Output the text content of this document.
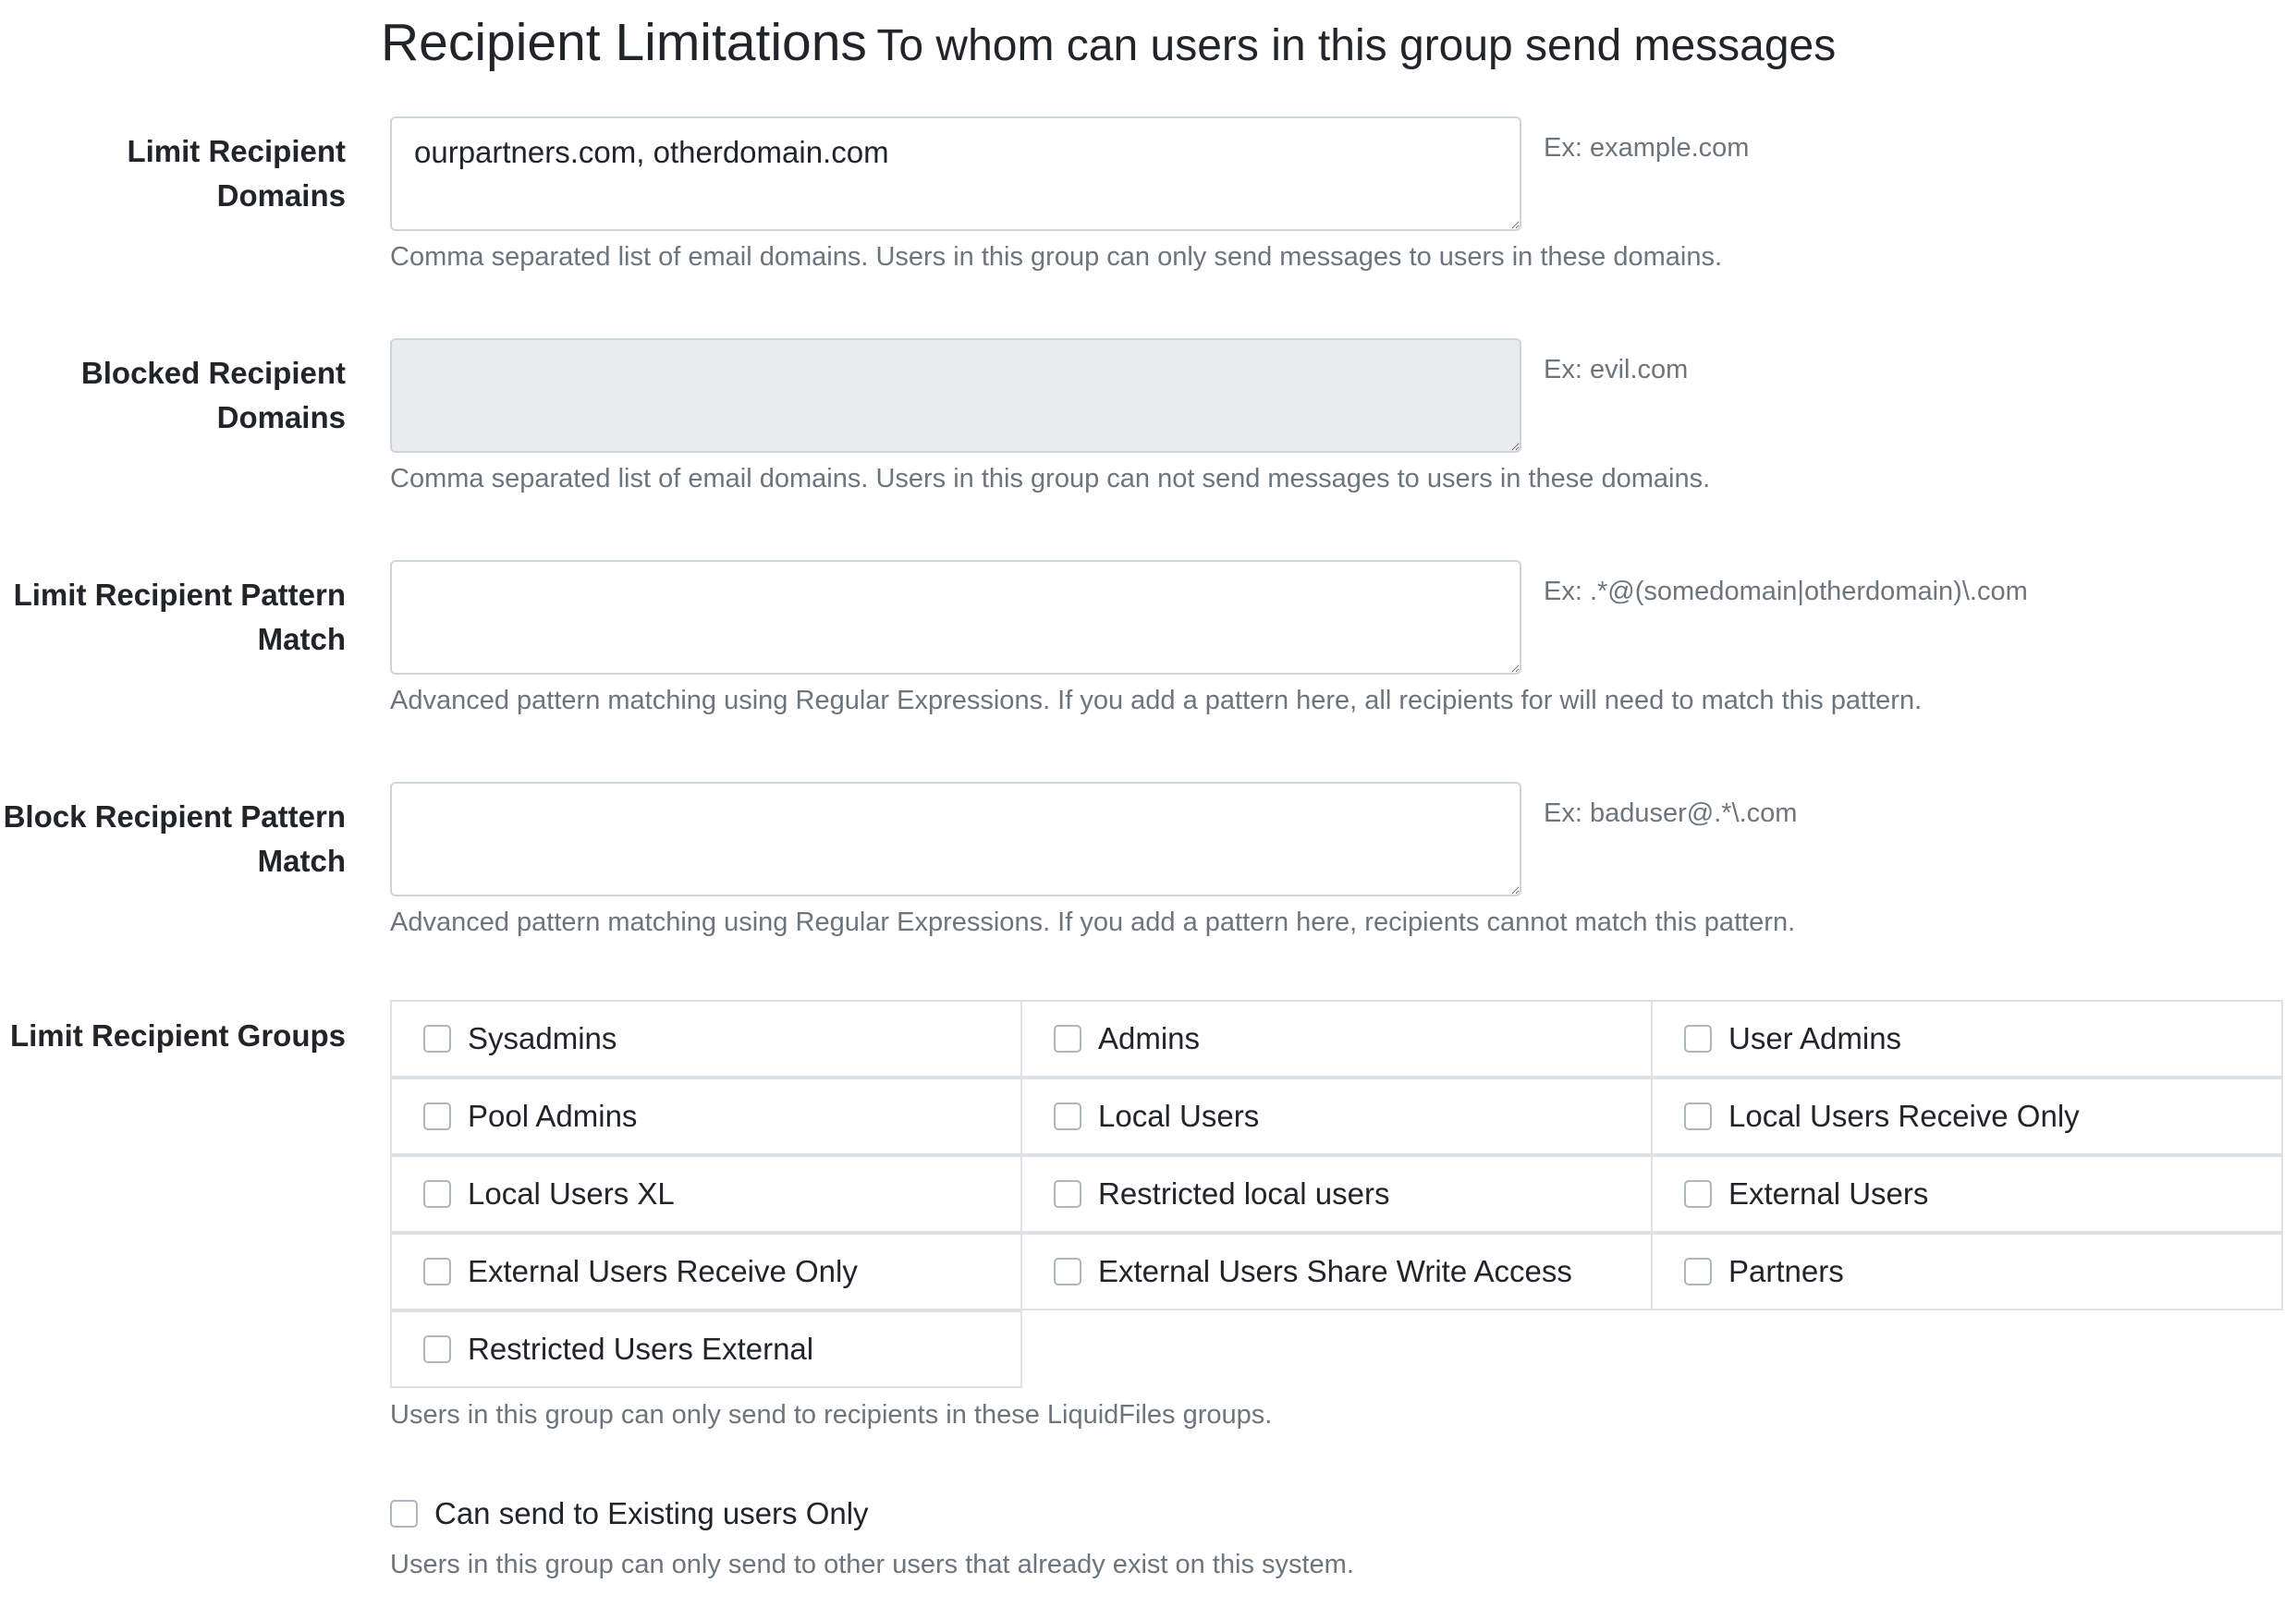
Recipient Limitations To whom can users in this group send messages
Limit Recipient
Domains
ourpartners.com, otherdomain.com
Ex: example.com
Comma separated list of email domains. Users in this group can only send messages to users in these domains.
Blocked Recipient
Domains
Ex: evil.com
Comma separated list of email domains. Users in this group can not send messages to users in these domains.
Limit Recipient Pattern
Match
Ex: .*@(somedomain|otherdomain)\.com
Advanced pattern matching using Regular Expressions. If you add a pattern here, all recipients for will need to match this pattern.
Block Recipient Pattern
Match
Ex: baduser@.*\.com
Advanced pattern matching using Regular Expressions. If you add a pattern here, recipients cannot match this pattern.
Limit Recipient Groups	Sysadmins	Admins	User Admins
Pool Admins	Local Users	Local Users Receive Only
Local Users XL	Restricted local users	External Users
External Users Receive Only	External Users Share Write Access	Partners
Restricted Users External
Users in this group can only send to recipients in these LiquidFiles groups.
Can send to Existing users Only
Users in this group can only send to other users that already exist on this system.
